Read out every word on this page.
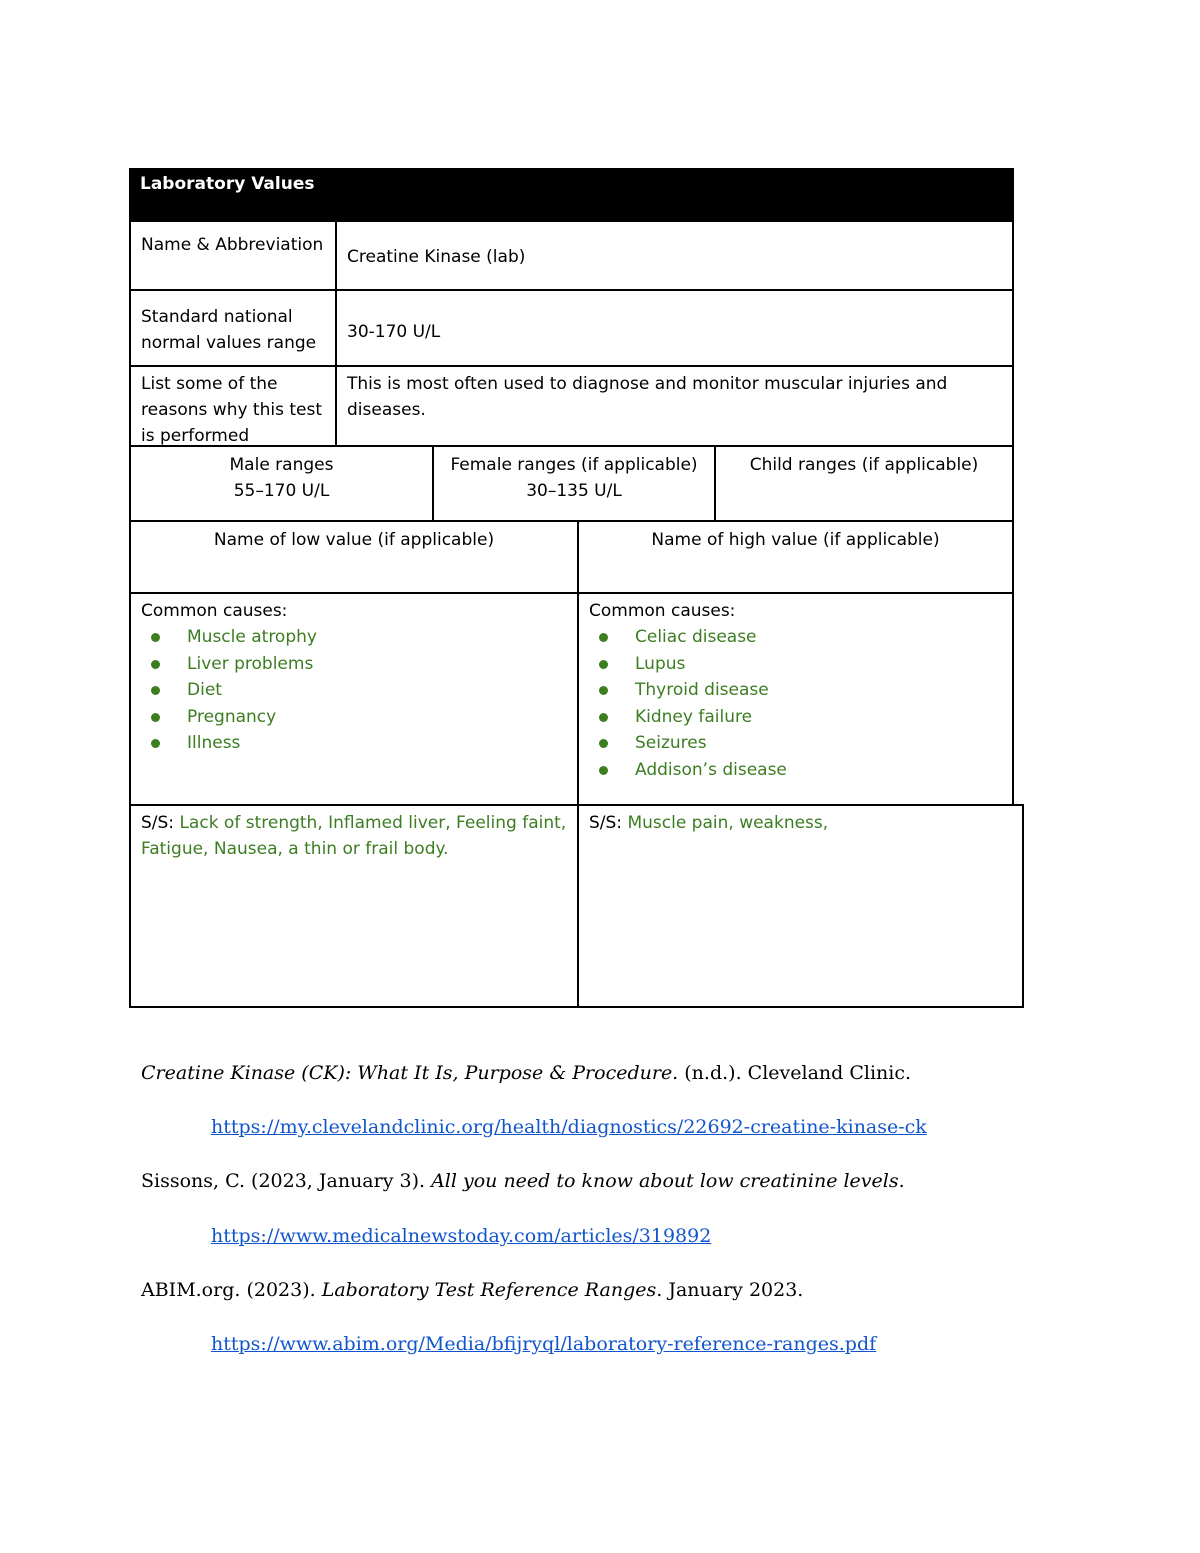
Laboratory Values
Name & Abbreviation
Creatine Kinase (lab)
Standard national normal values range
30-170 U/L
List some of the reasons why this test is performed
This is most often used to diagnose and monitor muscular injuries and diseases.
Male ranges
55–170 U/L
Female ranges (if applicable)
30–135 U/L
Child ranges (if applicable)
Name of low value (if applicable)	Name of high value (if applicable)
Common causes:
Muscle atrophy
Liver problems
Diet
Pregnancy
Illness
Common causes:
Celiac disease
Lupus
Thyroid disease
Kidney failure
Seizures
Addison’s disease
S/S: Lack of strength, Inflamed liver, Feeling faint, Fatigue, Nausea, a thin or frail body.
S/S: Muscle pain, weakness,
Creatine Kinase (CK): What It Is, Purpose & Procedure. (n.d.). Cleveland Clinic.
https://my.clevelandclinic.org/health/diagnostics/22692-creatine-kinase-ck
Sissons, C. (2023, January 3). All you need to know about low creatinine levels.
https://www.medicalnewstoday.com/articles/319892
ABIM.org. (2023). Laboratory Test Reference Ranges. January 2023.
https://www.abim.org/Media/bfijryql/laboratory-reference-ranges.pdf
